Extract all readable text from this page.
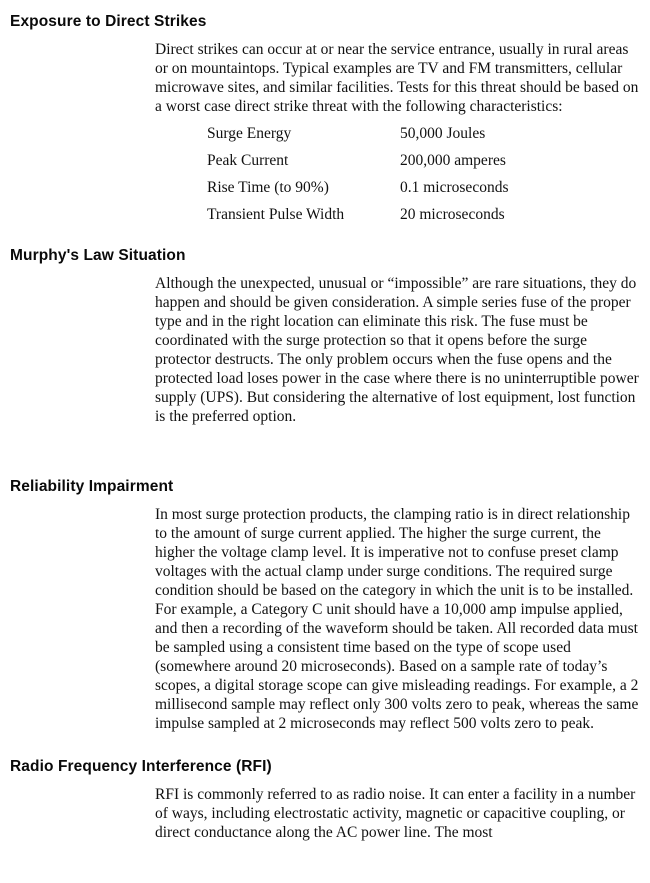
Exposure to Direct Strikes

Direct strikes can occur at or near the service entrance, usually in rural areas or on mountaintops. Typical examples are TV and FM transmitters, cellular microwave sites, and similar facilities. Tests for this threat should be based on a worst case direct strike threat with the following characteristics:

Surge Energy	50,000 Joules
Peak Current	200,000 amperes
Rise Time (to 90%)	0.1 microseconds
Transient Pulse Width	20 microseconds
Murphy's Law Situation

Although the unexpected, unusual or “impossible” are rare situations, they do happen and should be given consideration. A simple series fuse of the proper type and in the right location can eliminate this risk. The fuse must be coordinated with the surge protection so that it opens before the surge protector destructs. The only problem occurs when the fuse opens and the protected load loses power in the case where there is no uninterruptible power supply (UPS). But considering the alternative of lost equipment, lost function is the preferred option.

Reliability Impairment

In most surge protection products, the clamping ratio is in direct relationship to the amount of surge current applied. The higher the surge current, the higher the voltage clamp level. It is imperative not to confuse preset clamp voltages with the actual clamp under surge conditions. The required surge condition should be based on the category in which the unit is to be installed. For example, a Category C unit should have a 10,000 amp impulse applied, and then a recording of the waveform should be taken. All recorded data must be sampled using a consistent time based on the type of scope used (somewhere around 20 microseconds). Based on a sample rate of today’s scopes, a digital storage scope can give misleading readings. For example, a 2 millisecond sample may reflect only 300 volts zero to peak, whereas the same impulse sampled at 2 microseconds may reflect 500 volts zero to peak.

Radio Frequency Interference (RFI)

RFI is commonly referred to as radio noise. It can enter a facility in a number of ways, including electrostatic activity, magnetic or capacitive coupling, or direct conductance along the AC power line. The most
